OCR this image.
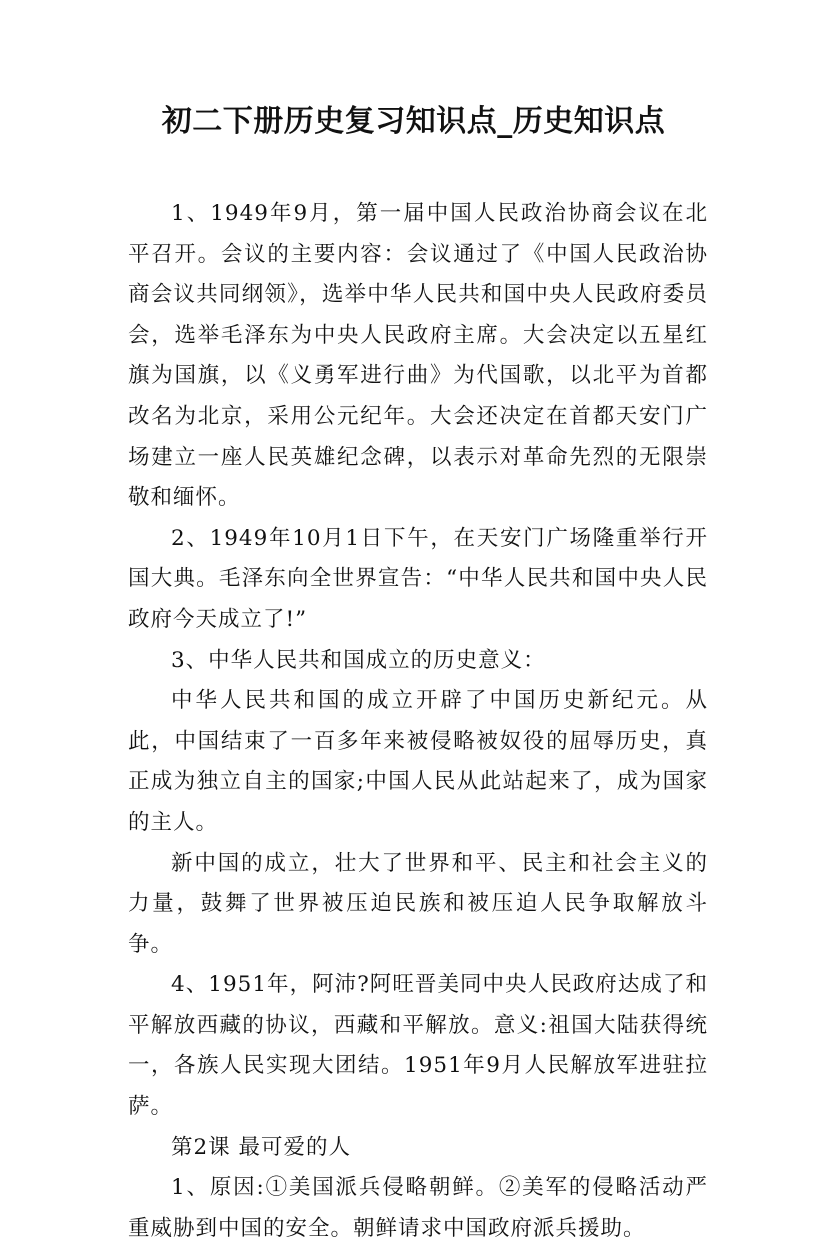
初二下册历史复习知识点_历史知识点

1、1949年9月，第一届中国人民政治协商会议在北平召开。会议的主要内容：会议通过了《中国人民政治协商会议共同纲领》，选举中华人民共和国中央人民政府委员会，选举毛泽东为中央人民政府主席。大会决定以五星红旗为国旗，以《义勇军进行曲》为代国歌，以北平为首都改名为北京，采用公元纪年。大会还决定在首都天安门广场建立一座人民英雄纪念碑，以表示对革命先烈的无限崇敬和缅怀。

2、1949年10月1日下午，在天安门广场隆重举行开国大典。毛泽东向全世界宣告：“中华人民共和国中央人民政府今天成立了!”

3、中华人民共和国成立的历史意义：

中华人民共和国的成立开辟了中国历史新纪元。从此，中国结束了一百多年来被侵略被奴役的屈辱历史，真正成为独立自主的国家;中国人民从此站起来了，成为国家的主人。

新中国的成立，壮大了世界和平、民主和社会主义的力量，鼓舞了世界被压迫民族和被压迫人民争取解放斗争。

4、1951年，阿沛?阿旺晋美同中央人民政府达成了和平解放西藏的协议，西藏和平解放。意义:祖国大陆获得统一，各族人民实现大团结。1951年9月人民解放军进驻拉萨。

第2课 最可爱的人

1、原因:①美国派兵侵略朝鲜。②美军的侵略活动严重威胁到中国的安全。朝鲜请求中国政府派兵援助。
